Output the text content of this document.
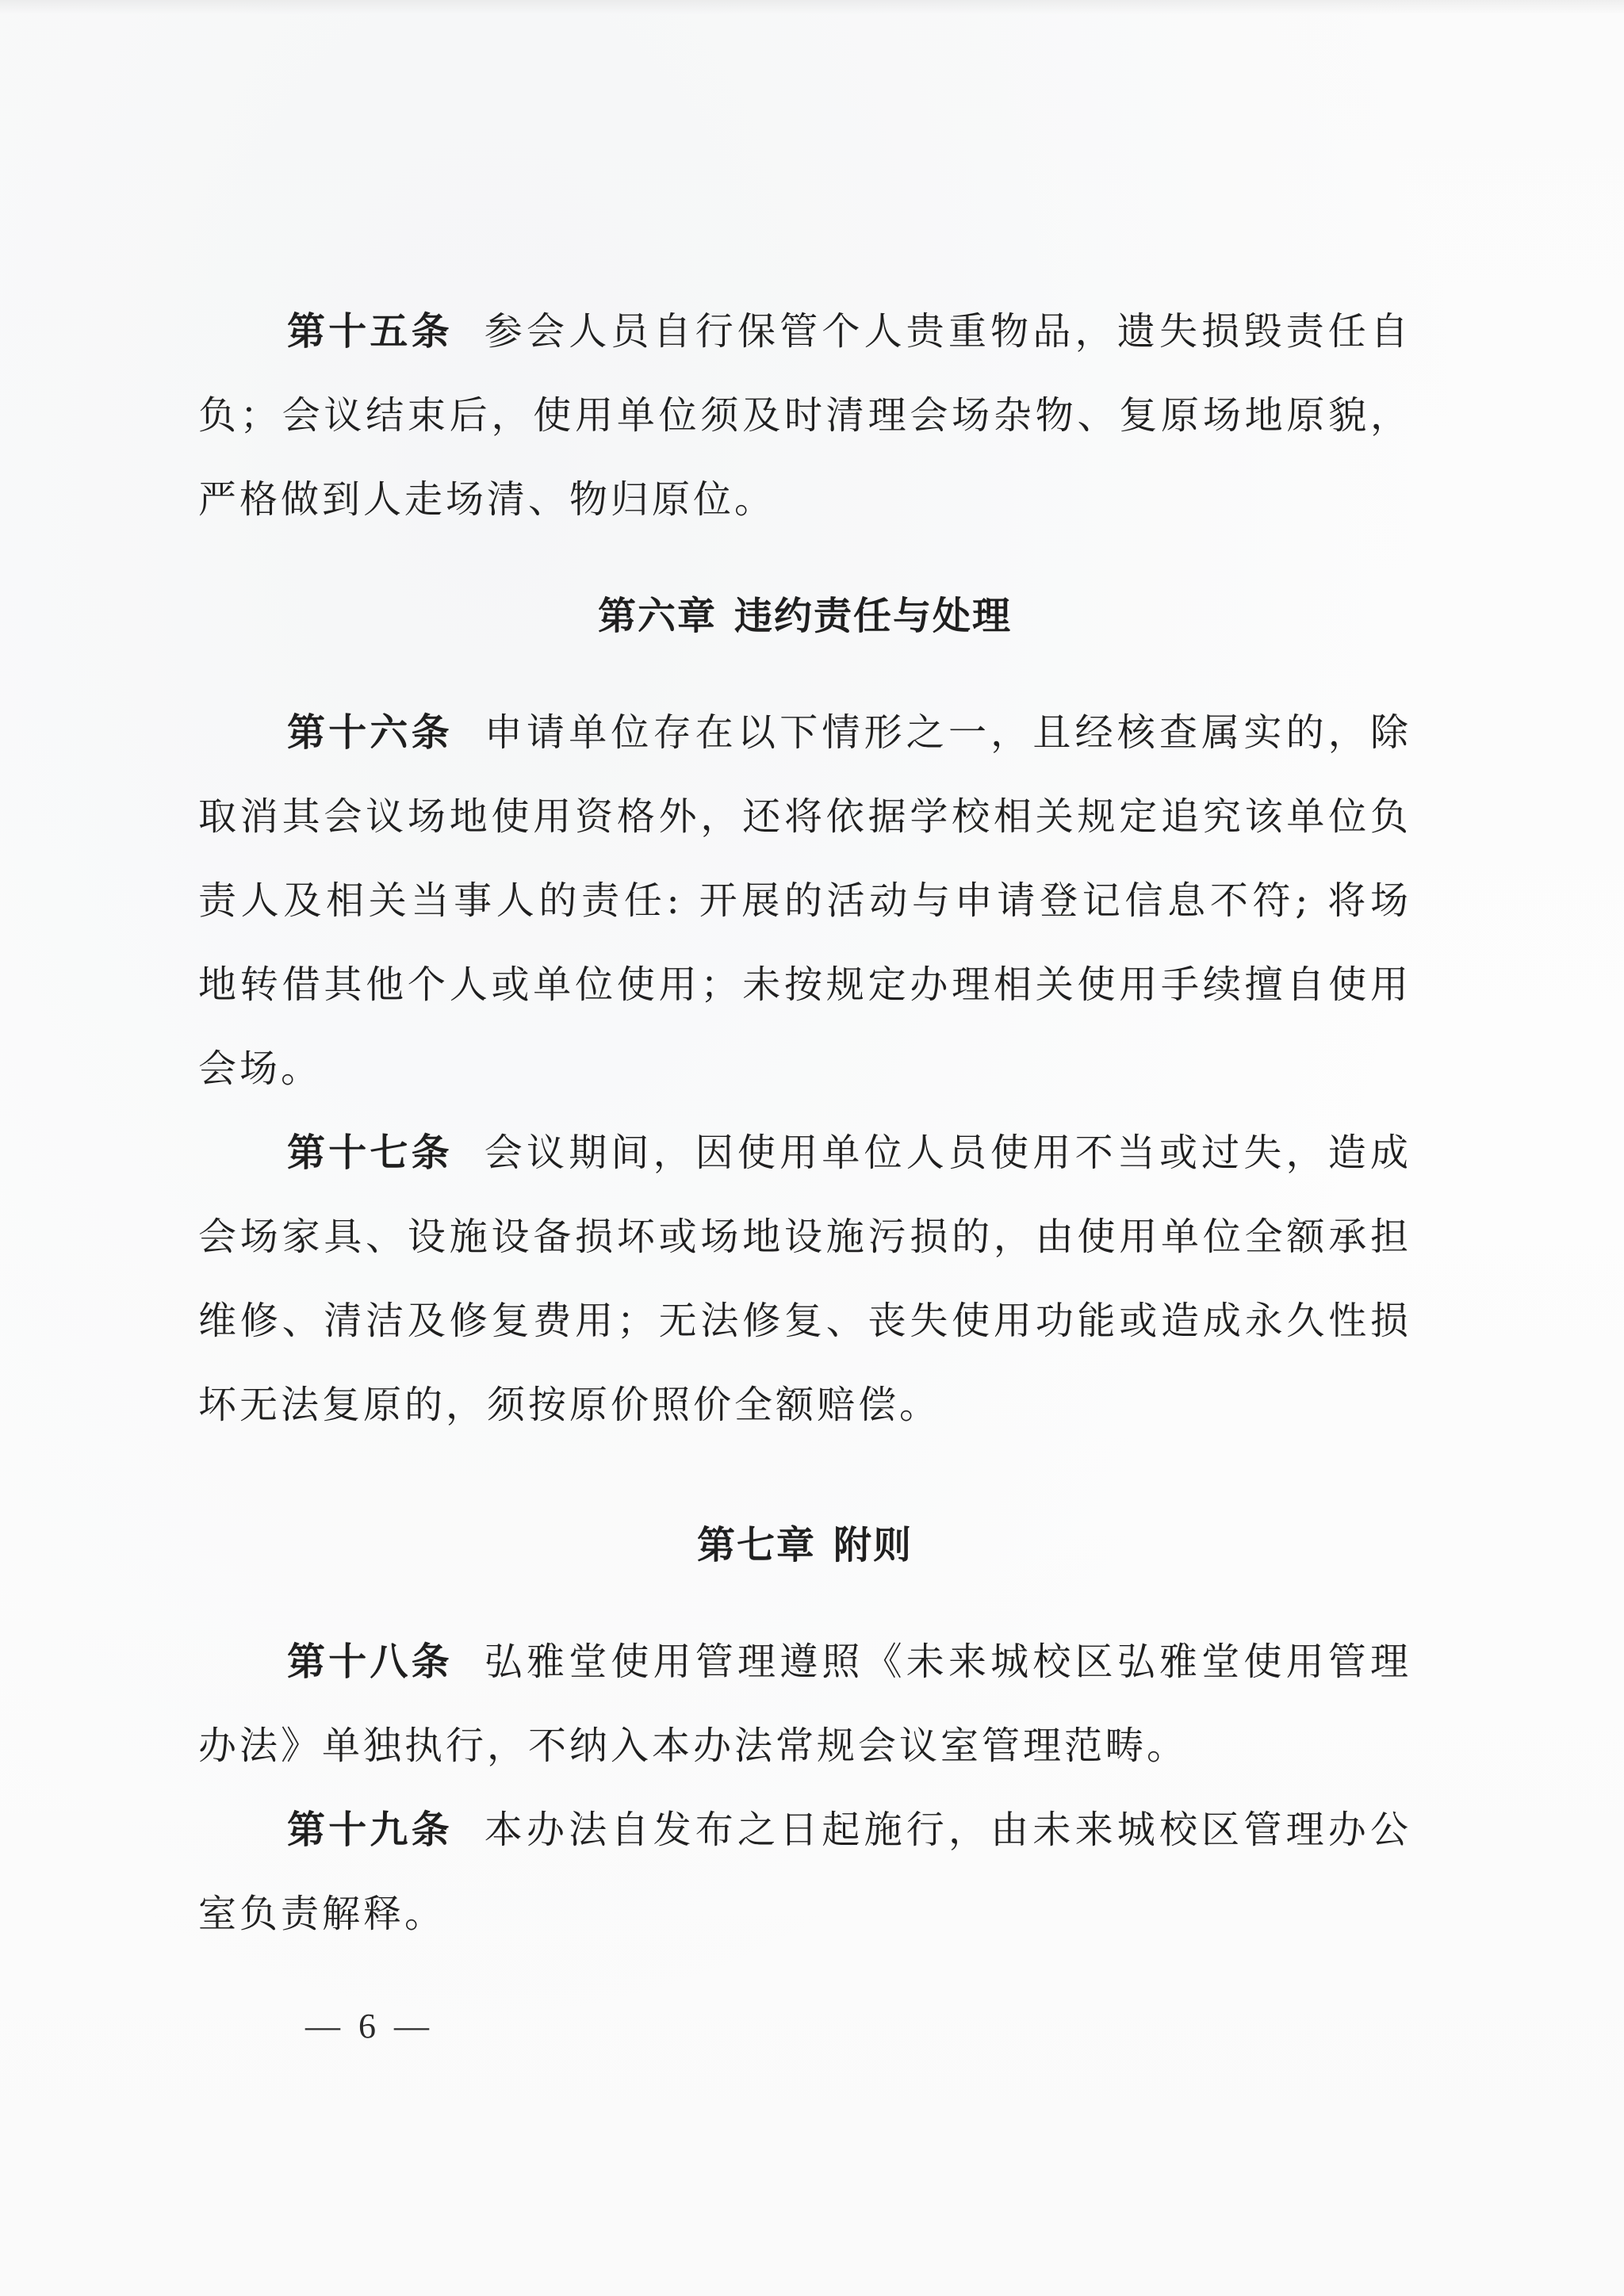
第十五条 参会人员自行保管个人贵重物品，遗失损毁责任自负；会议结束后，使用单位须及时清理会场杂物、复原场地原貌，严格做到人走场清、物归原位。

第六章 违约责任与处理

第十六条 申请单位存在以下情形之一，且经核查属实的，除取消其会议场地使用资格外，还将依据学校相关规定追究该单位负责人及相关当事人的责任: 开展的活动与申请登记信息不符; 将场地转借其他个人或单位使用；未按规定办理相关使用手续擅自使用会场。

第十七条 会议期间，因使用单位人员使用不当或过失，造成会场家具、设施设备损坏或场地设施污损的，由使用单位全额承担维修、清洁及修复费用；无法修复、丧失使用功能或造成永久性损坏无法复原的，须按原价照价全额赔偿。

第七章 附则

第十八条 弘雅堂使用管理遵照《未来城校区弘雅堂使用管理办法》单独执行，不纳入本办法常规会议室管理范畴。

第十九条 本办法自发布之日起施行，由未来城校区管理办公室负责解释。

— 6 —
